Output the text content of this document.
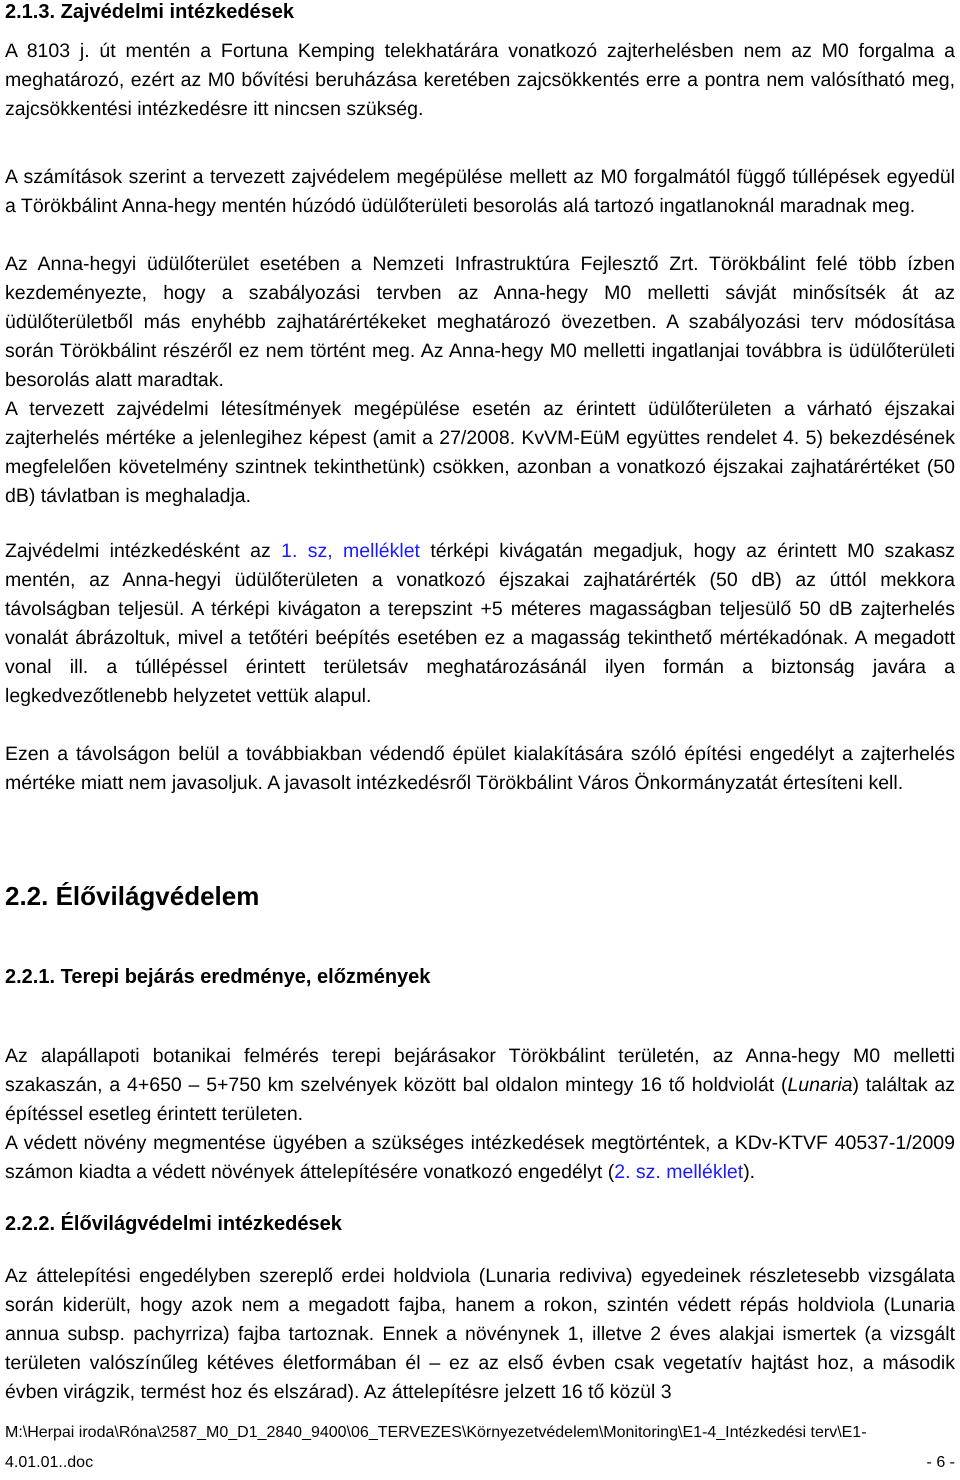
2.1.3. Zajvédelmi intézkedések

A 8103 j. út mentén a Fortuna Kemping telekhatárára vonatkozó zajterhelésben nem az M0 forgalma a meghatározó, ezért az M0 bővítési beruházása keretében zajcsökkentés erre a pontra nem valósítható meg, zajcsökkentési intézkedésre itt nincsen szükség.

A számítások szerint a tervezett zajvédelem megépülése mellett az M0 forgalmától függő túllépések egyedül a Törökbálint Anna-hegy mentén húzódó üdülőterületi besorolás alá tartozó ingatlanoknál maradnak meg.

Az Anna-hegyi üdülőterület esetében a Nemzeti Infrastruktúra Fejlesztő Zrt. Törökbálint felé több ízben kezdeményezte, hogy a szabályozási tervben az Anna-hegy M0 melletti sávját minősítsék át az üdülőterületből más enyhébb zajhatárértékeket meghatározó övezetben. A szabályozási terv módosítása során Törökbálint részéről ez nem történt meg. Az Anna-hegy M0 melletti ingatlanjai továbbra is üdülőterületi besorolás alatt maradtak.

A tervezett zajvédelmi létesítmények megépülése esetén az érintett üdülőterületen a várható éjszakai zajterhelés mértéke a jelenlegihez képest (amit a 27/2008. KvVM-EüM együttes rendelet 4. 5) bekezdésének megfelelően követelmény szintnek tekinthetünk) csökken, azonban a vonatkozó éjszakai zajhatárértéket (50 dB) távlatban is meghaladja.

Zajvédelmi intézkedésként az 1. sz, melléklet térképi kivágatán megadjuk, hogy az érintett M0 szakasz mentén, az Anna-hegyi üdülőterületen a vonatkozó éjszakai zajhatárérték (50 dB) az úttól mekkora távolságban teljesül. A térképi kivágaton a terepszint +5 méteres magasságban teljesülő 50 dB zajterhelés vonalát ábrázoltuk, mivel a tetőtéri beépítés esetében ez a magasság tekinthető mértékadónak. A megadott vonal ill. a túllépéssel érintett területsáv meghatározásánál ilyen formán a biztonság javára a legkedvezőtlenebb helyzetet vettük alapul.

Ezen a távolságon belül a továbbiakban védendő épület kialakítására szóló építési engedélyt a zajterhelés mértéke miatt nem javasoljuk. A javasolt intézkedésről Törökbálint Város Önkormányzatát értesíteni kell.

2.2. Élővilágvédelem
2.2.1. Terepi bejárás eredménye, előzmények

Az alapállapoti botanikai felmérés terepi bejárásakor Törökbálint területén, az Anna-hegy M0 melletti szakaszán, a 4+650 – 5+750 km szelvények között bal oldalon mintegy 16 tő holdviolát (Lunaria) találtak az építéssel esetleg érintett területen.

A védett növény megmentése ügyében a szükséges intézkedések megtörténtek, a KDv-KTVF 40537-1/2009 számon kiadta a védett növények áttelepítésére vonatkozó engedélyt (2. sz. melléklet).

2.2.2. Élővilágvédelmi intézkedések

Az áttelepítési engedélyben szereplő erdei holdviola (Lunaria rediviva) egyedeinek részletesebb vizsgálata során kiderült, hogy azok nem a megadott fajba, hanem a rokon, szintén védett répás holdviola (Lunaria annua subsp. pachyrriza) fajba tartoznak. Ennek a növénynek 1, illetve 2 éves alakjai ismertek (a vizsgált területen valószínűleg kétéves életformában él – ez az első évben csak vegetatív hajtást hoz, a második évben virágzik, termést hoz és elszárad). Az áttelepítésre jelzett 16 tő közül 3

M:\Herpai iroda\Róna\2587_M0_D1_2840_9400\06_TERVEZES\Környezetvédelem\Monitoring\E1-4_Intézkedési terv\E1-
4.01.01..doc	- 6 -
